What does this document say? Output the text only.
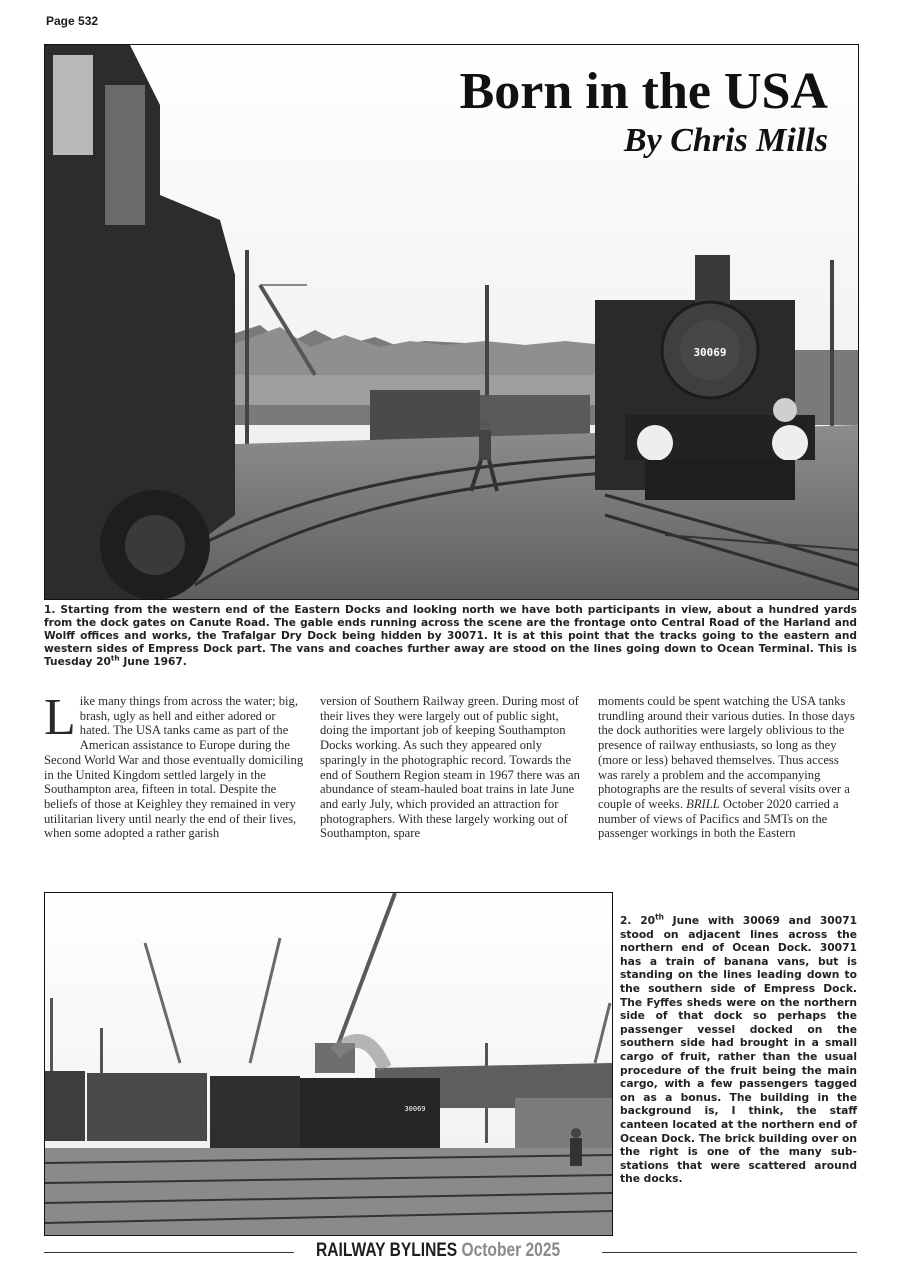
Page 532
30069
Born in the USA
By Chris Mills
1. Starting from the western end of the Eastern Docks and looking north we have both participants in view, about a hundred yards from the dock gates on Canute Road. The gable ends running across the scene are the frontage onto Central Road of the Harland and Wolff offices and works, the Trafalgar Dry Dock being hidden by 30071. It is at this point that the tracks going to the eastern and western sides of Empress Dock part. The vans and coaches further away are stood on the lines going down to Ocean Terminal. This is Tuesday 20th June 1967.
Like many things from across the water; big, brash, ugly as hell and either adored or hated. The USA tanks came as part of the American assistance to Europe during the Second World War and those eventually domiciling in the United Kingdom settled largely in the Southampton area, fifteen in total. Despite the beliefs of those at Keighley they remained in very utilitarian livery until nearly the end of their lives, when some adopted a rather garish
version of Southern Railway green. During most of their lives they were largely out of public sight, doing the important job of keeping Southampton Docks working. As such they appeared only sparingly in the photographic record. Towards the end of Southern Region steam in 1967 there was an abundance of steam-hauled boat trains in late June and early July, which provided an attraction for photographers. With these largely working out of Southampton, spare
moments could be spent watching the USA tanks trundling around their various duties. In those days the dock authorities were largely oblivious to the presence of railway enthusiasts, so long as they (more or less) behaved themselves. Thus access was rarely a problem and the accompanying photographs are the results of several visits over a couple of weeks. BRILL October 2020 carried a number of views of Pacifics and 5MTs on the passenger workings in both the Eastern
30069
2. 20th June with 30069 and 30071 stood on adjacent lines across the northern end of Ocean Dock. 30071 has a train of banana vans, but is standing on the lines leading down to the southern side of Empress Dock. The Fyffes sheds were on the northern side of that dock so perhaps the passenger vessel docked on the southern side had brought in a small cargo of fruit, rather than the usual procedure of the fruit being the main cargo, with a few passengers tagged on as a bonus. The building in the background is, I think, the staff canteen located at the northern end of Ocean Dock. The brick building over on the right is one of the many sub-stations that were scattered around the docks.
RAILWAY BYLINES October 2025
